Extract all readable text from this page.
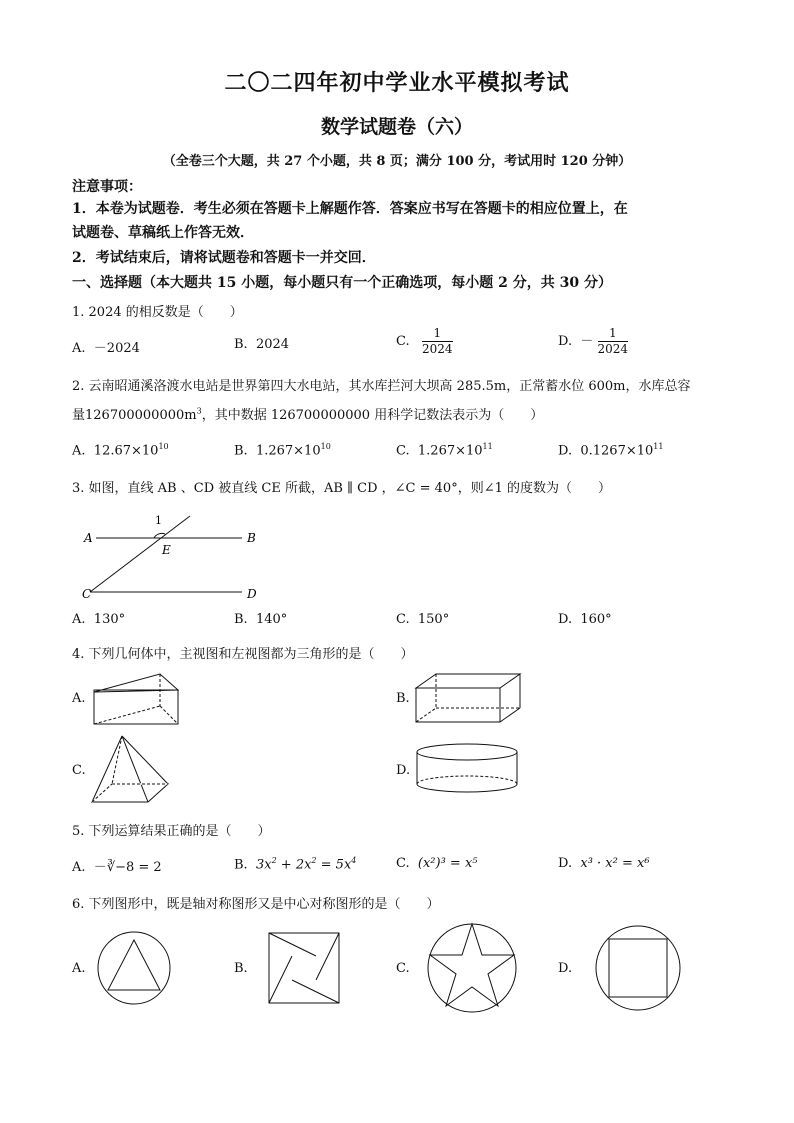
二〇二四年初中学业水平模拟考试
数学试题卷（六）
（全卷三个大题，共 27 个小题，共 8 页；满分 100 分，考试用时 120 分钟）
注意事项：
1．本卷为试题卷．考生必须在答题卡上解题作答．答案应书写在答题卡的相应位置上，在
试题卷、草稿纸上作答无效．
2．考试结束后，请将试题卷和答题卡一并交回．
一、选择题（本大题共 15 小题，每小题只有一个正确选项，每小题 2 分，共 30 分）
1. 2024 的相反数是（　　）
A. －2024	B. 2024	C. $\frac{1}{2024}$	D. － $\frac{1}{2024}$
2. 云南昭通溪洛渡水电站是世界第四大水电站，其水库拦河大坝高 285.5m，正常蓄水位 600m，水库总容
量$126700000000m^3$，其中数据 126700000000 用科学记数法表示为（　　）
A. $12.67\times 10^{10}$	B. $1.267\times 10^{10}$	C. $1.267\times 10^{11}$	D. $0.1267\times 10^{11}$
3. 如图，直线 AB 、CD 被直线 CE 所截，AB ∥ CD ，∠C = 40°，则∠1 的度数为（　　）
A	B
C	D
E
1
A. 130°	B. 140°	C. 150°	D. 160°
4. 下列几何体中，主视图和左视图都为三角形的是（　　）
A.	B.
C.	D.
5. 下列运算结果正确的是（　　）
A. －∛−8 = 2	B. $3x^2 + 2x^2 = 5x^4$	C. (x²)³ = x⁵	D. x³ · x² = x⁶
6. 下列图形中，既是轴对称图形又是中心对称图形的是（　　）
A.	B.	C.	D.
